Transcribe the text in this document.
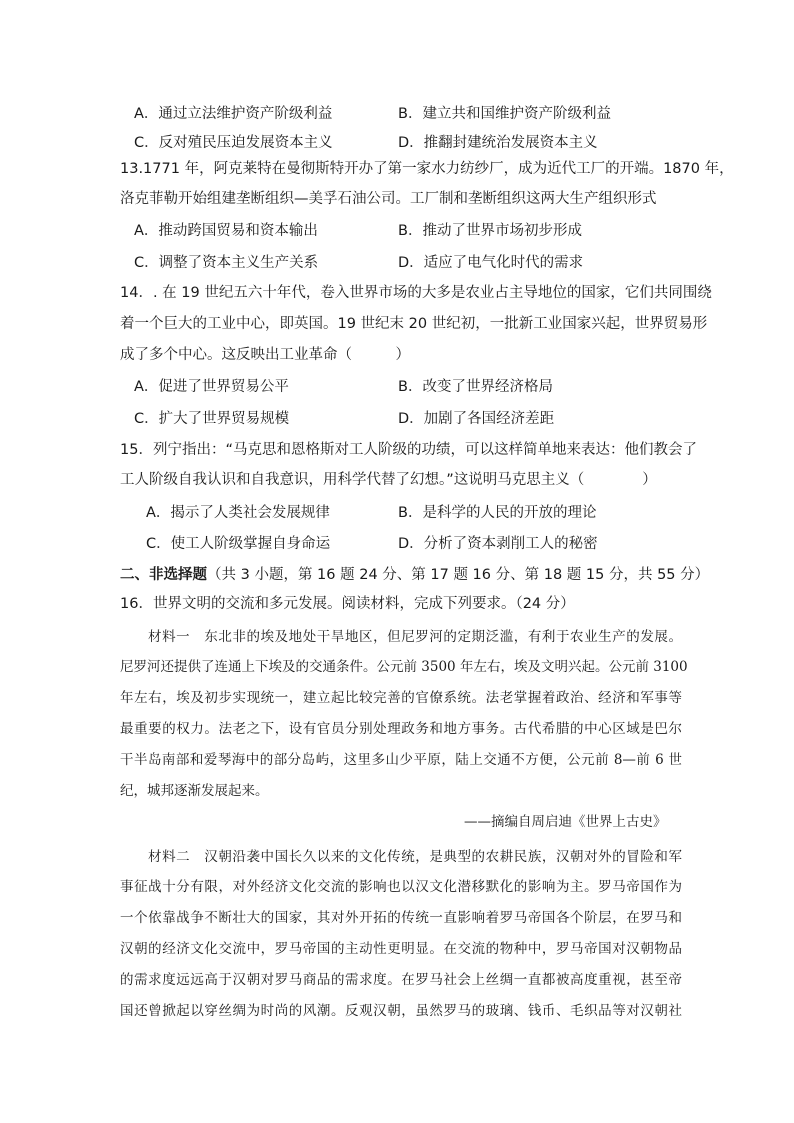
A．通过立法维护资产阶级利益	B．建立共和国维护资产阶级利益
C．反对殖民压迫发展资本主义	D．推翻封建统治发展资本主义
13.1771 年，阿克莱特在曼彻斯特开办了第一家水力纺纱厂，成为近代工厂的开端。1870 年，
洛克菲勒开始组建垄断组织—美孚石油公司。工厂制和垄断组织这两大生产组织形式
A．推动跨国贸易和资本输出	B．推动了世界市场初步形成
C．调整了资本主义生产关系	D．适应了电气化时代的需求
14．. 在 19 世纪五六十年代，卷入世界市场的大多是农业占主导地位的国家，它们共同围绕
着一个巨大的工业中心，即英国。19 世纪末 20 世纪初，一批新工业国家兴起，世界贸易形
成了多个中心。这反映出工业革命（　　　）
A．促进了世界贸易公平	B．改变了世界经济格局
C．扩大了世界贸易规模	D．加剧了各国经济差距
15．列宁指出：“马克思和恩格斯对工人阶级的功绩，可以这样简单地来表达：他们教会了
工人阶级自我认识和自我意识，用科学代替了幻想。”这说明马克思主义（　　　　）
A．揭示了人类社会发展规律	B．是科学的人民的开放的理论
C．使工人阶级掌握自身命运	D．分析了资本剥削工人的秘密
二、非选择题（共 3 小题，第 16 题 24 分、第 17 题 16 分、第 18 题 15 分，共 55 分）
16．世界文明的交流和多元发展。阅读材料，完成下列要求。（24 分）
材料一　东北非的埃及地处干旱地区，但尼罗河的定期泛滥，有利于农业生产的发展。
尼罗河还提供了连通上下埃及的交通条件。公元前 3500 年左右，埃及文明兴起。公元前 3100
年左右，埃及初步实现统一，建立起比较完善的官僚系统。法老掌握着政治、经济和军事等
最重要的权力。法老之下，设有官员分别处理政务和地方事务。古代希腊的中心区域是巴尔
干半岛南部和爱琴海中的部分岛屿，这里多山少平原，陆上交通不方便，公元前 8—前 6 世
纪，城邦逐渐发展起来。
——摘编自周启迪《世界上古史》
材料二　汉朝沿袭中国长久以来的文化传统，是典型的农耕民族，汉朝对外的冒险和军
事征战十分有限，对外经济文化交流的影响也以汉文化潜移默化的影响为主。罗马帝国作为
一个依靠战争不断壮大的国家，其对外开拓的传统一直影响着罗马帝国各个阶层，在罗马和
汉朝的经济文化交流中，罗马帝国的主动性更明显。在交流的物种中，罗马帝国对汉朝物品
的需求度远远高于汉朝对罗马商品的需求度。在罗马社会上丝绸一直都被高度重视，甚至帝
国还曾掀起以穿丝绸为时尚的风潮。反观汉朝，虽然罗马的玻璃、钱币、毛织品等对汉朝社
